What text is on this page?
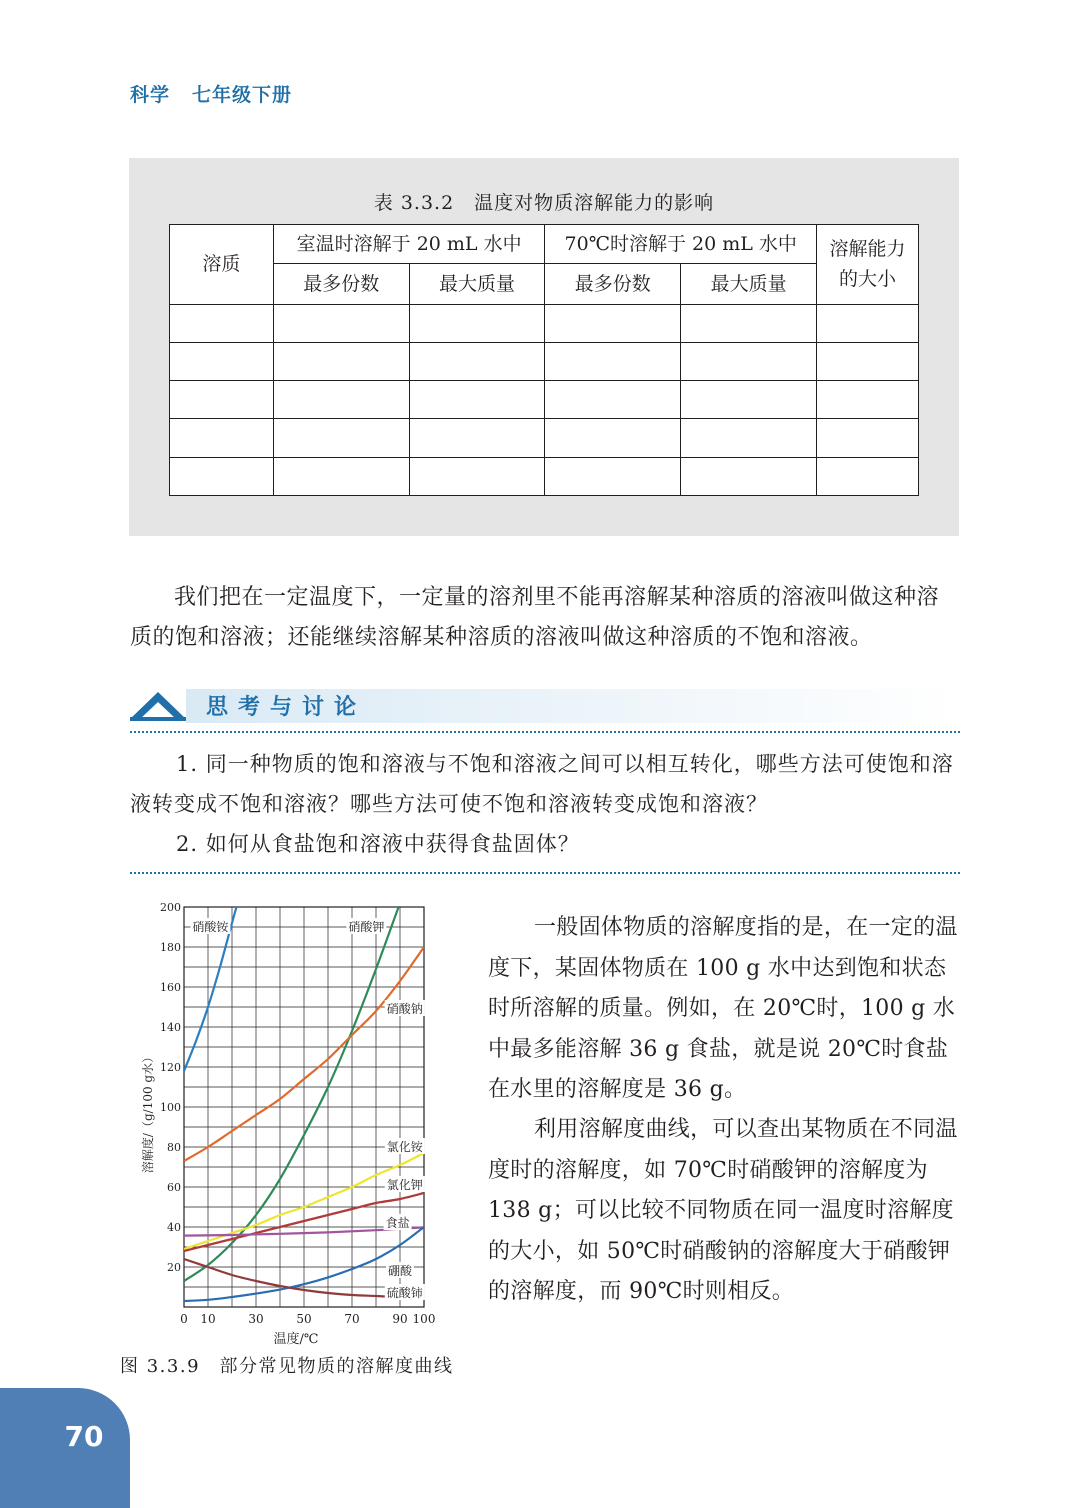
科学 七年级下册
表 3.3.2　温度对物质溶解能力的影响
溶质	室温时溶解于 20 mL 水中		70℃时溶解于 20 mL 水中		溶解能力的大小

	最多份数	最大质量	最多份数	最大质量	

我们把在一定温度下，一定量的溶剂里不能再溶解某种溶质的溶液叫做这种溶质的饱和溶液；还能继续溶解某种溶质的溶液叫做这种溶质的不饱和溶液。

思考与讨论

1. 同一种物质的饱和溶液与不饱和溶液之间可以相互转化，哪些方法可使饱和溶液转变成不饱和溶液？哪些方法可使不饱和溶液转变成饱和溶液？

2. 如何从食盐饱和溶液中获得食盐固体？

硝酸铵	硝酸钾
硝酸钠
氯化铵
氯化钾
食盐
硼酸
硫酸铈
20
40
60
80
100
120
140
160
180
200
0 10	30	50	70	90 100
温度/℃
溶解度/（g/100 g水）
图 3.3.9　部分常见物质的溶解度曲线

一般固体物质的溶解度指的是，在一定的温度下，某固体物质在 100 g 水中达到饱和状态时所溶解的质量。例如，在 20℃时，100 g 水中最多能溶解 36 g 食盐，就是说 20℃时食盐在水里的溶解度是 36 g。

利用溶解度曲线，可以查出某物质在不同温度时的溶解度，如 70℃时硝酸钾的溶解度为 138 g；可以比较不同物质在同一温度时溶解度的大小，如 50℃时硝酸钠的溶解度大于硝酸钾的溶解度，而 90℃时则相反。

70
